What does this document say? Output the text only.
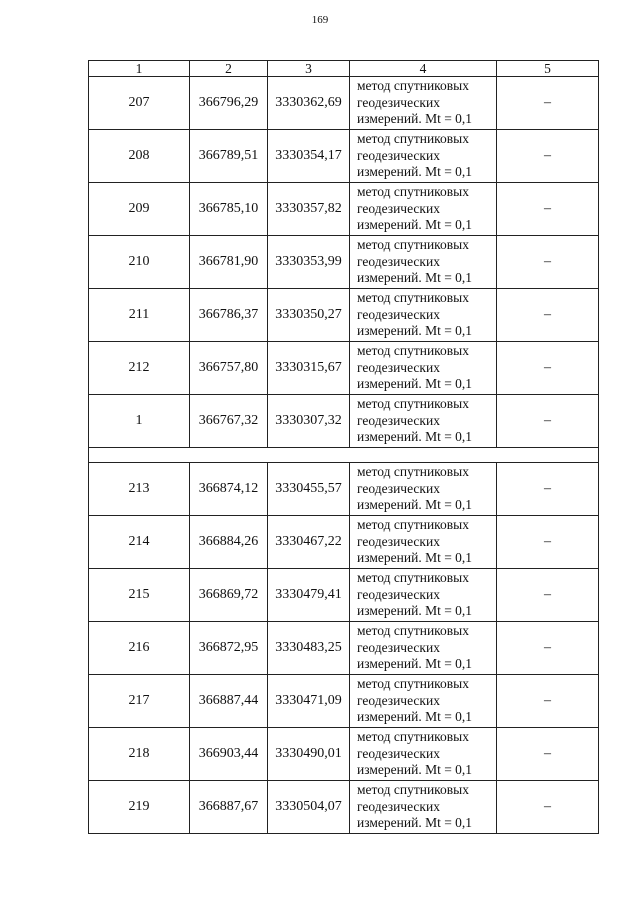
169
1	2	3	4	5
207	366796,29	3330362,69	метод спутниковых
геодезических
измерений. Mt = 0,1	–
208	366789,51	3330354,17	метод спутниковых
геодезических
измерений. Mt = 0,1	–
209	366785,10	3330357,82	метод спутниковых
геодезических
измерений. Mt = 0,1	–
210	366781,90	3330353,99	метод спутниковых
геодезических
измерений. Mt = 0,1	–
211	366786,37	3330350,27	метод спутниковых
геодезических
измерений. Mt = 0,1	–
212	366757,80	3330315,67	метод спутниковых
геодезических
измерений. Mt = 0,1	–
1	366767,32	3330307,32	метод спутниковых
геодезических
измерений. Mt = 0,1	–

213	366874,12	3330455,57	метод спутниковых
геодезических
измерений. Mt = 0,1	–
214	366884,26	3330467,22	метод спутниковых
геодезических
измерений. Mt = 0,1	–
215	366869,72	3330479,41	метод спутниковых
геодезических
измерений. Mt = 0,1	–
216	366872,95	3330483,25	метод спутниковых
геодезических
измерений. Mt = 0,1	–
217	366887,44	3330471,09	метод спутниковых
геодезических
измерений. Mt = 0,1	–
218	366903,44	3330490,01	метод спутниковых
геодезических
измерений. Mt = 0,1	–
219	366887,67	3330504,07	метод спутниковых
геодезических
измерений. Mt = 0,1	–
